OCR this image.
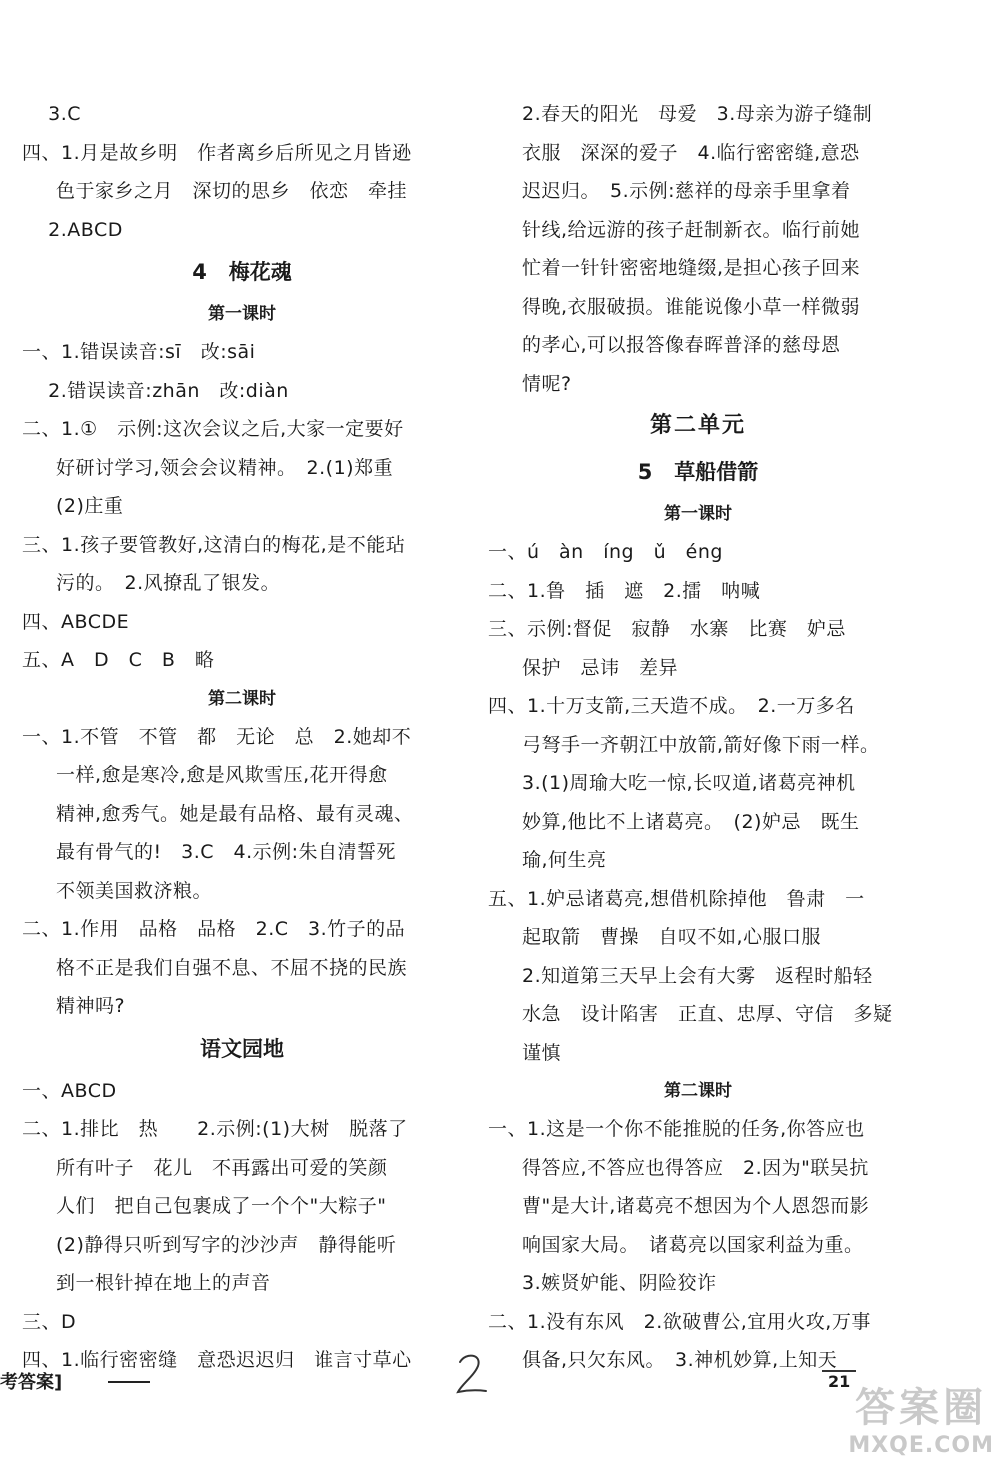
3.C
四、1.月是故乡明　作者离乡后所见之月皆逊
色于家乡之月　深切的思乡　依恋　牵挂
2.ABCD
4   梅花魂
第一课时
一、1.错误读音:sī　改:sāi
2.错误读音:zhān　改:diàn
二、1.①　示例:这次会议之后,大家一定要好
好研讨学习,领会会议精神。　2.(1)郑重
(2)庄重
三、1.孩子要管教好,这清白的梅花,是不能玷
污的。　2.风撩乱了银发。
四、ABCDE
五、A　D　C　B　略
第二课时
一、1.不管　不管　都　无论　总　2.她却不
一样,愈是寒冷,愈是风欺雪压,花开得愈
精神,愈秀气。她是最有品格、最有灵魂、
最有骨气的!　3.C　4.示例:朱自清誓死
不领美国救济粮。
二、1.作用　品格　品格　2.C　3.竹子的品
格不正是我们自强不息、不屈不挠的民族
精神吗?
语文园地
一、ABCD
二、1.排比　热　　2.示例:(1)大树　脱落了
所有叶子　花儿　不再露出可爱的笑颜
人们　把自己包裹成了一个个"大粽子"
(2)静得只听到写字的沙沙声　静得能听
到一根针掉在地上的声音
三、D
四、1.临行密密缝　意恐迟迟归　谁言寸草心
2.春天的阳光　母爱　3.母亲为游子缝制
衣服　深深的爱子　4.临行密密缝,意恐
迟迟归。　5.示例:慈祥的母亲手里拿着
针线,给远游的孩子赶制新衣。临行前她
忙着一针针密密地缝缀,是担心孩子回来
得晚,衣服破损。谁能说像小草一样微弱
的孝心,可以报答像春晖普泽的慈母恩
情呢?
第二单元
5   草船借箭
第一课时
一、ú　àn　íng　ǔ　éng
二、1.鲁　插　遮　2.擂　呐喊
三、示例:督促　寂静　水寨　比赛　妒忌
保护　忌讳　差异
四、1.十万支箭,三天造不成。　2.一万多名
弓弩手一齐朝江中放箭,箭好像下雨一样。
3.(1)周瑜大吃一惊,长叹道,诸葛亮神机
妙算,他比不上诸葛亮。　(2)妒忌　既生
瑜,何生亮
五、1.妒忌诸葛亮,想借机除掉他　鲁肃　一
起取箭　曹操　自叹不如,心服口服
2.知道第三天早上会有大雾　返程时船轻
水急　设计陷害　正直、忠厚、守信　多疑
谨慎
第二课时
一、1.这是一个你不能推脱的任务,你答应也
得答应,不答应也得答应　2.因为"联吴抗
曹"是大计,诸葛亮不想因为个人恩怨而影
响国家大局。　诸葛亮以国家利益为重。
3.嫉贤妒能、阴险狡诈
二、1.没有东风　2.欲破曹公,宜用火攻,万事
俱备,只欠东风。　3.神机妙算,上知天
考答案]	21
答案圈
MXQE.COM
